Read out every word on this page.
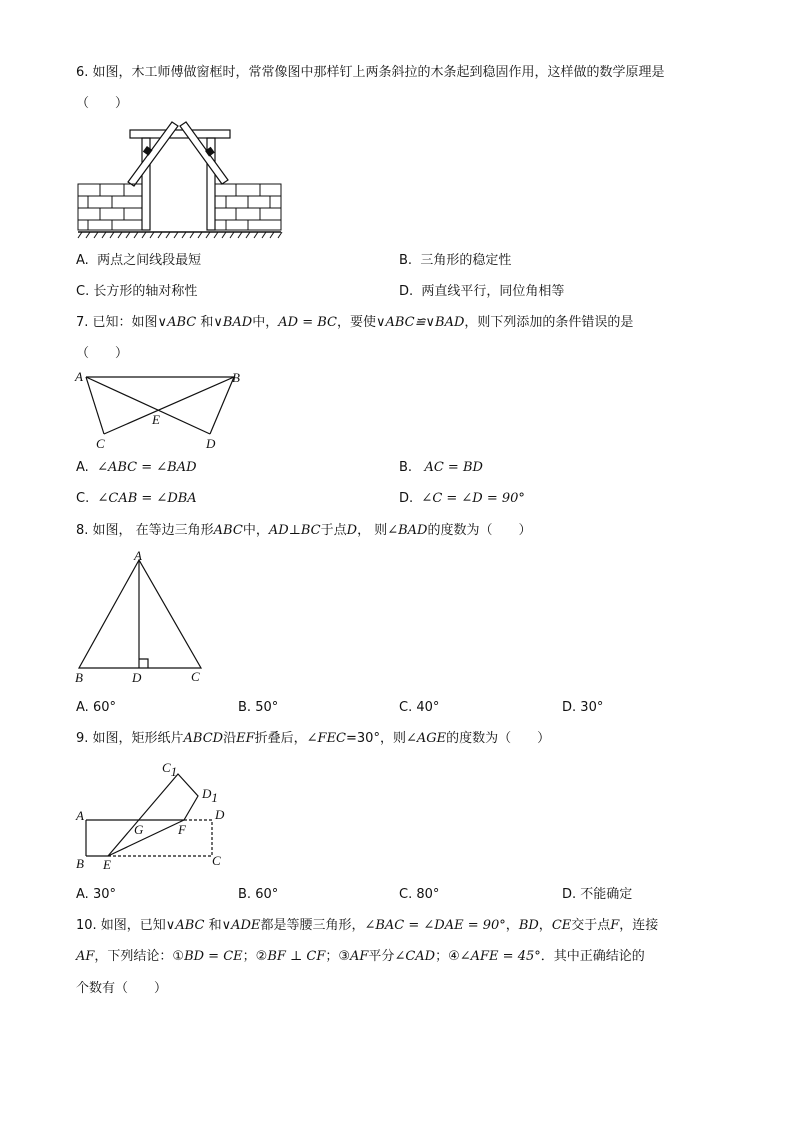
6. 如图，木工师傅做窗框时，常常像图中那样钉上两条斜拉的木条起到稳固作用，这样做的数学原理是
（　　）
A. 两点之间线段最短	B. 三角形的稳定性
C. 长方形的轴对称性	D. 两直线平行，同位角相等
7. 已知：如图∨ABC 和∨BAD中，AD = BC，要使∨ABC≌∨BAD，则下列添加的条件错误的是
（　　）
A	B
C	D
E
A. ∠ABC = ∠BAD	B. AC = BD
C. ∠CAB = ∠DBA	D. ∠C = ∠D = 90°
8. 如图， 在等边三角形ABC中，AD⊥BC于点D， 则∠BAD的度数为（　　）
A
B	D	C
A. 60°	B. 50°	C. 40°	D. 30°
9. 如图，矩形纸片ABCD沿EF折叠后，∠FEC=30°，则∠AGE的度数为（　　）
C1
D1
A	D
G	F
B E	C
A. 30°	B. 60°	C. 80°	D. 不能确定
10. 如图，已知∨ABC 和∨ADE都是等腰三角形，∠BAC = ∠DAE = 90°，BD，CE交于点F，连接
AF，下列结论：①BD = CE；②BF ⊥ CF；③AF平分∠CAD；④∠AFE = 45°．其中正确结论的
个数有（　　）
